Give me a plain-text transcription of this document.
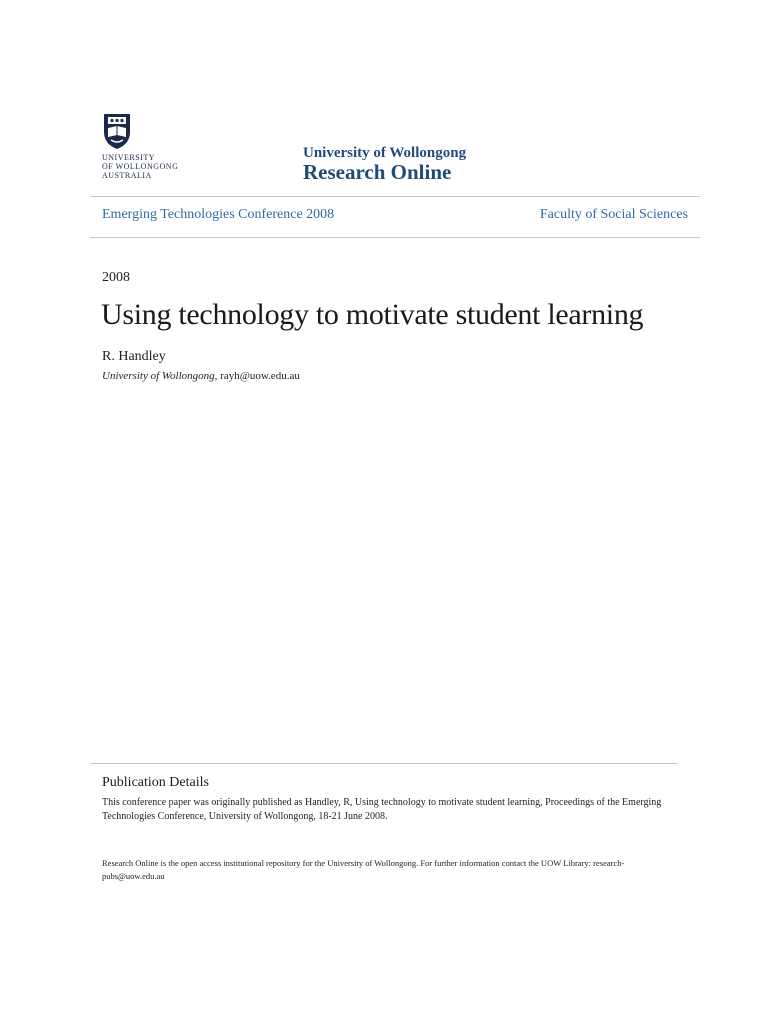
UNIVERSITY
OF WOLLONGONG
AUSTRALIA
University of Wollongong
Research Online
Emerging Technologies Conference 2008	Faculty of Social Sciences
2008
Using technology to motivate student learning
R. Handley
University of Wollongong, rayh@uow.edu.au
Publication Details
This conference paper was originally published as Handley, R, Using technology to motivate student learning, Proceedings of the Emerging Technologies Conference, University of Wollongong, 18-21 June 2008.
Research Online is the open access institutional repository for the University of Wollongong. For further information contact the UOW Library: research-pubs@uow.edu.au
